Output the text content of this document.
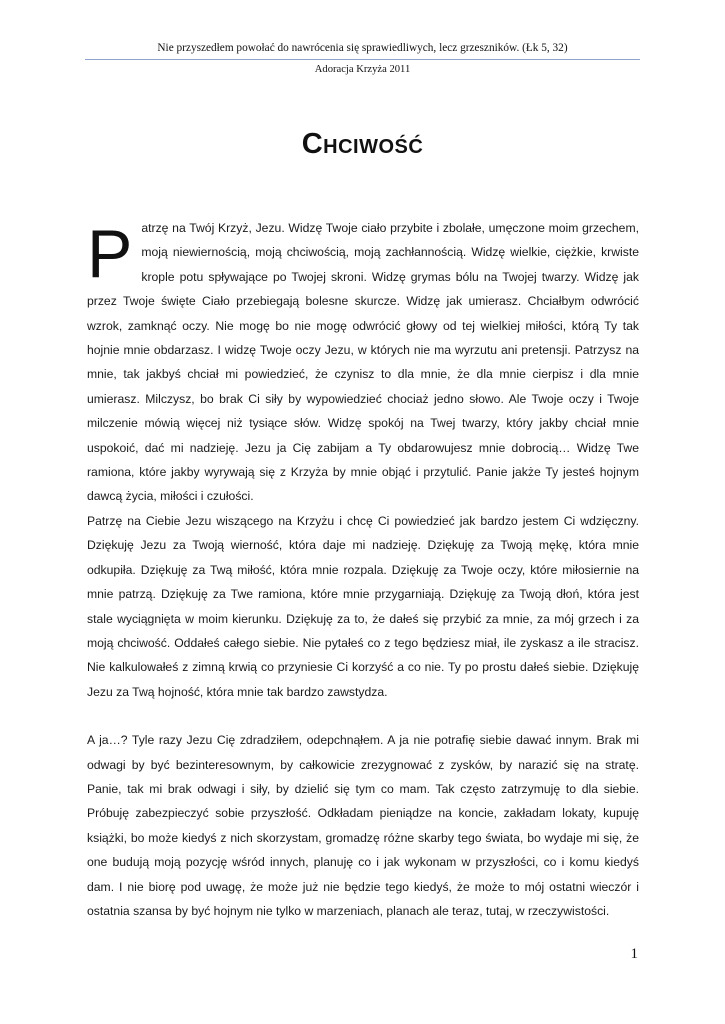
Nie przyszedłem powołać do nawrócenia się sprawiedliwych, lecz grzeszników. (Łk 5, 32)
Adoracja Krzyża 2011
Chciwość

Patrzę na Twój Krzyż, Jezu. Widzę Twoje ciało przybite i zbolałe, umęczone moim grzechem, moją niewiernością, moją chciwością, moją zachłannością. Widzę wielkie, ciężkie, krwiste krople potu spływające po Twojej skroni. Widzę grymas bólu na Twojej twarzy. Widzę jak przez Twoje święte Ciało przebiegają bolesne skurcze. Widzę jak umierasz. Chciałbym odwrócić wzrok, zamknąć oczy. Nie mogę bo nie mogę odwrócić głowy od tej wielkiej miłości, którą Ty tak hojnie mnie obdarzasz. I widzę Twoje oczy Jezu, w których nie ma wyrzutu ani pretensji. Patrzysz na mnie, tak jakbyś chciał mi powiedzieć, że czynisz to dla mnie, że dla mnie cierpisz i dla mnie umierasz. Milczysz, bo brak Ci siły by wypowiedzieć chociaż jedno słowo. Ale Twoje oczy i Twoje milczenie mówią więcej niż tysiące słów. Widzę spokój na Twej twarzy, który jakby chciał mnie uspokoić, dać mi nadzieję. Jezu ja Cię zabijam a Ty obdarowujesz mnie dobrocią… Widzę Twe ramiona, które jakby wyrywają się z Krzyża by mnie objąć i przytulić. Panie jakże Ty jesteś hojnym dawcą życia, miłości i czułości.

Patrzę na Ciebie Jezu wiszącego na Krzyżu i chcę Ci powiedzieć jak bardzo jestem Ci wdzięczny. Dziękuję Jezu za Twoją wierność, która daje mi nadzieję. Dziękuję za Twoją mękę, która mnie odkupiła. Dziękuję za Twą miłość, która mnie rozpala. Dziękuję za Twoje oczy, które miłosiernie na mnie patrzą. Dziękuję za Twe ramiona, które mnie przygarniają. Dziękuję za Twoją dłoń, która jest stale wyciągnięta w moim kierunku. Dziękuję za to, że dałeś się przybić za mnie, za mój grzech i za moją chciwość. Oddałeś całego siebie. Nie pytałeś co z tego będziesz miał, ile zyskasz a ile stracisz. Nie kalkulowałeś z zimną krwią co przyniesie Ci korzyść a co nie. Ty po prostu dałeś siebie. Dziękuję Jezu za Twą hojność, która mnie tak bardzo zawstydza.

A ja…? Tyle razy Jezu Cię zdradziłem, odepchnąłem. A ja nie potrafię siebie dawać innym. Brak mi odwagi by być bezinteresownym, by całkowicie zrezygnować z zysków, by narazić się na stratę. Panie, tak mi brak odwagi i siły, by dzielić się tym co mam. Tak często zatrzymuję to dla siebie. Próbuję zabezpieczyć sobie przyszłość. Odkładam pieniądze na koncie, zakładam lokaty, kupuję książki, bo może kiedyś z nich skorzystam, gromadzę różne skarby tego świata, bo wydaje mi się, że one budują moją pozycję wśród innych, planuję co i jak wykonam w przyszłości, co i komu kiedyś dam. I nie biorę pod uwagę, że może już nie będzie tego kiedyś, że może to mój ostatni wieczór i ostatnia szansa by być hojnym nie tylko w marzeniach, planach ale teraz, tutaj, w rzeczywistości.

1
